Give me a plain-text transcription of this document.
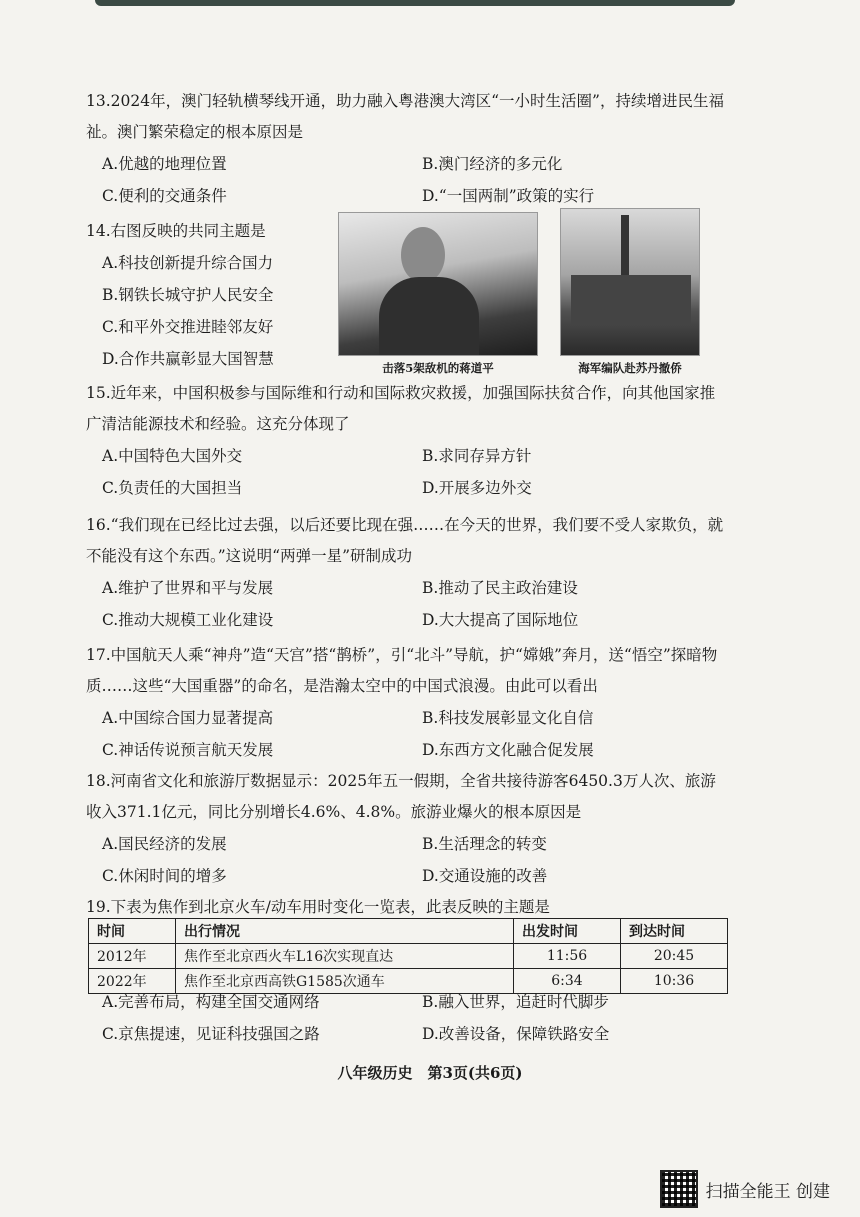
13.2024年，澳门轻轨横琴线开通，助力融入粤港澳大湾区“一小时生活圈”，持续增进民生福祉。澳门繁荣稳定的根本原因是
A.优越的地理位置	B.澳门经济的多元化
C.便利的交通条件	D.“一国两制”政策的实行
14.右图反映的共同主题是
A.科技创新提升综合国力
B.钢铁长城守护人民安全
C.和平外交推进睦邻友好
D.合作共赢彰显大国智慧	击落5架敌机的蒋道平	海军编队赴苏丹撤侨
15.近年来，中国积极参与国际维和行动和国际救灾救援，加强国际扶贫合作，向其他国家推广清洁能源技术和经验。这充分体现了
A.中国特色大国外交	B.求同存异方针
C.负责任的大国担当	D.开展多边外交
16.“我们现在已经比过去强，以后还要比现在强……在今天的世界，我们要不受人家欺负，就不能没有这个东西。”这说明“两弹一星”研制成功
A.维护了世界和平与发展	B.推动了民主政治建设
C.推动大规模工业化建设	D.大大提高了国际地位
17.中国航天人乘“神舟”造“天宫”搭“鹊桥”，引“北斗”导航，护“嫦娥”奔月，送“悟空”探暗物质……这些“大国重器”的命名，是浩瀚太空中的中国式浪漫。由此可以看出
A.中国综合国力显著提高	B.科技发展彰显文化自信
C.神话传说预言航天发展	D.东西方文化融合促发展
18.河南省文化和旅游厅数据显示：2025年五一假期，全省共接待游客6450.3万人次、旅游收入371.1亿元，同比分别增长4.6%、4.8%。旅游业爆火的根本原因是
A.国民经济的发展	B.生活理念的转变
C.休闲时间的增多	D.交通设施的改善
19.下表为焦作到北京火车/动车用时变化一览表，此表反映的主题是
时间	出行情况	出发时间	到达时间
2012年	焦作至北京西火车L16次实现直达	11:56	20:45
2022年	焦作至北京西高铁G1585次通车	6:34	10:36
A.完善布局，构建全国交通网络	B.融入世界，追赶时代脚步
C.京焦提速，见证科技强国之路	D.改善设备，保障铁路安全
八年级历史　第3页(共6页)
扫描全能王 创建
